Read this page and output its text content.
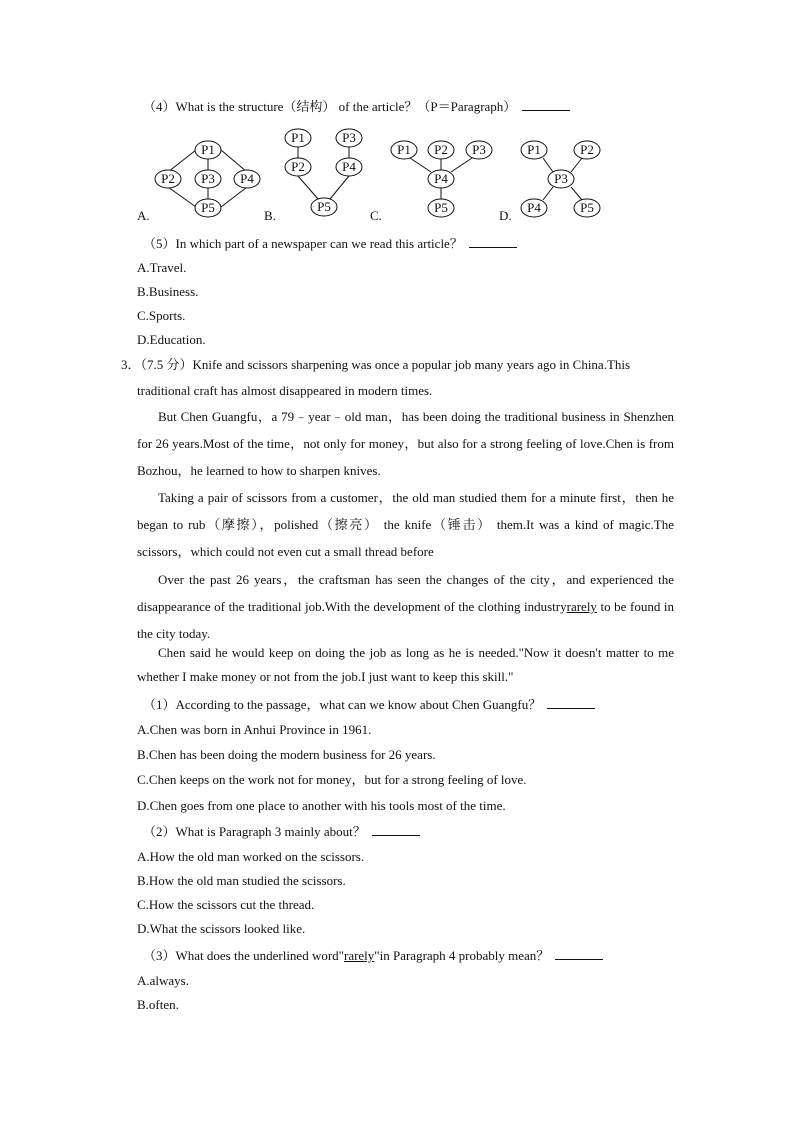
（4）What is the structure（结构） of the article？（P＝Paragraph）
P1
P2 P3 P4
P5
P1	P3
P2	P4
P5
P1 P2 P3
P4
P5
P1	P2
P3
P4	P5
A.	B.	C.	D.
（5）In which part of a newspaper can we read this article？
A.Travel.
B.Business.
C.Sports.
D.Education.
3．（7.5 分）Knife and scissors sharpening was once a popular job many years ago in China.This
traditional craft has almost disappeared in modern times.
But Chen Guangfu，a 79﹣year﹣old man，has been doing the traditional business in Shenzhen for 26 years.Most of the time，not only for money，but also for a strong feeling of love.Chen is from Bozhou，he learned to how to sharpen knives.
Taking a pair of scissors from a customer，the old man studied them for a minute first，then he began to rub（摩擦），polished（擦亮） the knife（锤击） them.It was a kind of magic.The scissors，which could not even cut a small thread before
Over the past 26 years，the craftsman has seen the changes of the city，and experienced the disappearance of the traditional job.With the development of the clothing industryrarely to be found in the city today.
Chen said he would keep on doing the job as long as he is needed."Now it doesn't matter to me whether I make money or not from the job.I just want to keep this skill."
（1）According to the passage，what can we know about Chen Guangfu？
A.Chen was born in Anhui Province in 1961.
B.Chen has been doing the modern business for 26 years.
C.Chen keeps on the work not for money，but for a strong feeling of love.
D.Chen goes from one place to another with his tools most of the time.
（2）What is Paragraph 3 mainly about？
A.How the old man worked on the scissors.
B.How the old man studied the scissors.
C.How the scissors cut the thread.
D.What the scissors looked like.
（3）What does the underlined word"rarely"in Paragraph 4 probably mean？
A.always.
B.often.
